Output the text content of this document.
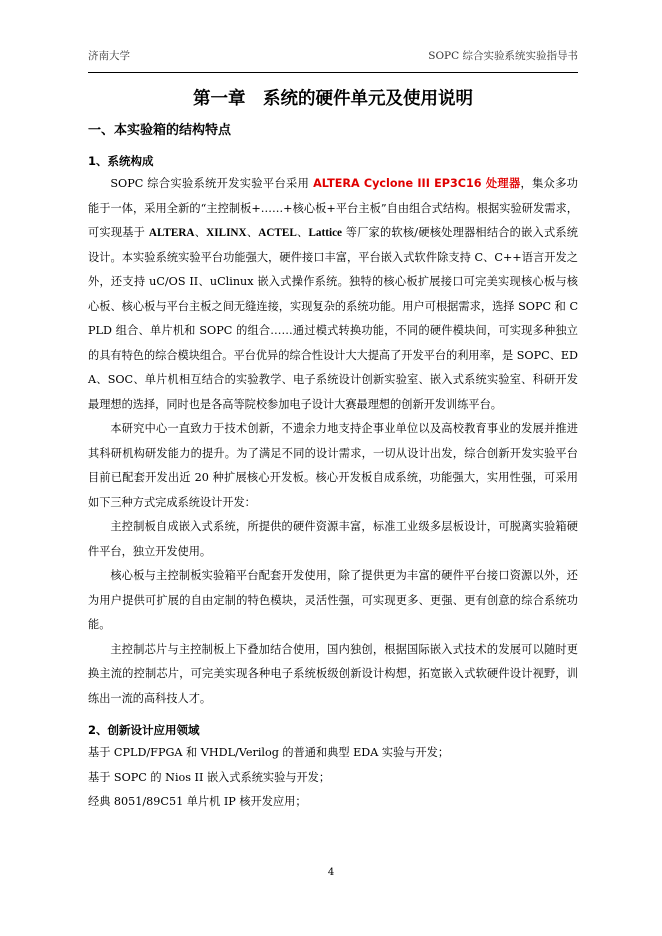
济南大学	SOPC 综合实验系统实验指导书
第一章　系统的硬件单元及使用说明
一、本实验箱的结构特点
1、系统构成

SOPC 综合实验系统开发实验平台采用 ALTERA Cyclone III EP3C16 处理器，集众多功能于一体，采用全新的“主控制板+……+核心板+平台主板”自由组合式结构。根据实验研发需求，可实现基于 ALTERA、XILINX、ACTEL、Lattice 等厂家的软核/硬核处理器相结合的嵌入式系统设计。本实验系统实验平台功能强大，硬件接口丰富，平台嵌入式软件除支持 C、C++语言开发之外，还支持 uC/OS II、uClinux 嵌入式操作系统。独特的核心板扩展接口可完美实现核心板与核心板、核心板与平台主板之间无缝连接，实现复杂的系统功能。用户可根据需求，选择 SOPC 和 CPLD 组合、单片机和 SOPC 的组合……通过模式转换功能，不同的硬件模块间，可实现多种独立的具有特色的综合模块组合。平台优异的综合性设计大大提高了开发平台的利用率，是 SOPC、EDA、SOC、单片机相互结合的实验教学、电子系统设计创新实验室、嵌入式系统实验室、科研开发最理想的选择，同时也是各高等院校参加电子设计大赛最理想的创新开发训练平台。

本研究中心一直致力于技术创新，不遗余力地支持企事业单位以及高校教育事业的发展并推进其科研机构研发能力的提升。为了满足不同的设计需求，一切从设计出发，综合创新开发实验平台目前已配套开发出近 20 种扩展核心开发板。核心开发板自成系统，功能强大，实用性强，可采用如下三种方式完成系统设计开发：

主控制板自成嵌入式系统，所提供的硬件资源丰富，标准工业级多层板设计，可脱离实验箱硬件平台，独立开发使用。

核心板与主控制板实验箱平台配套开发使用，除了提供更为丰富的硬件平台接口资源以外，还为用户提供可扩展的自由定制的特色模块，灵活性强，可实现更多、更强、更有创意的综合系统功能。

主控制芯片与主控制板上下叠加结合使用，国内独创，根据国际嵌入式技术的发展可以随时更换主流的控制芯片，可完美实现各种电子系统板级创新设计构想，拓宽嵌入式软硬件设计视野，训练出一流的高科技人才。

2、创新设计应用领域

基于 CPLD/FPGA 和 VHDL/Verilog 的普通和典型 EDA 实验与开发；

基于 SOPC 的 Nios II 嵌入式系统实验与开发；

经典 8051/89C51 单片机 IP 核开发应用；

4
